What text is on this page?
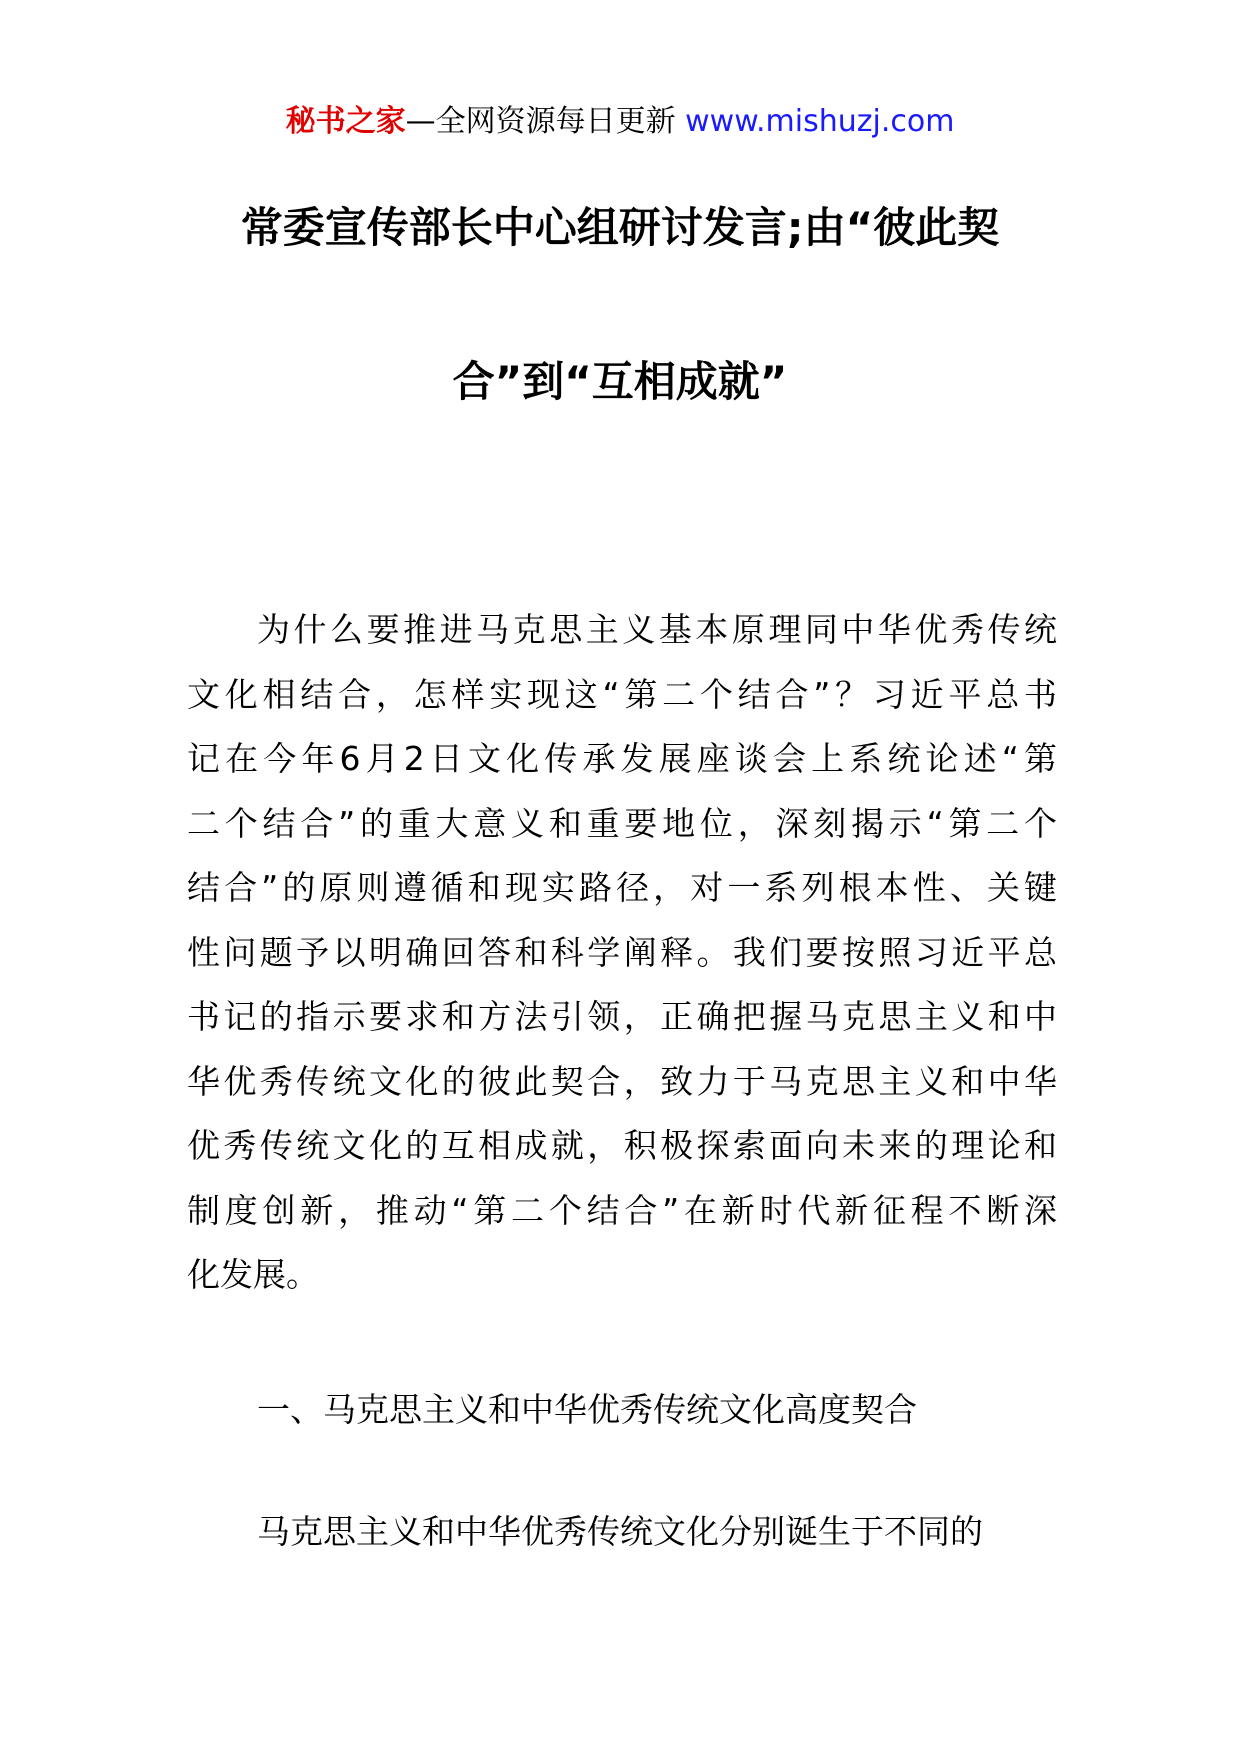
秘书之家—全网资源每日更新 www.mishuzj.com
常委宣传部长中心组研讨发言;由“彼此契
合”到“互相成就”
为什么要推进马克思主义基本原理同中华优秀传统
文化相结合，怎样实现这“第二个结合”？习近平总书
记在今年6月2日文化传承发展座谈会上系统论述“第
二个结合”的重大意义和重要地位，深刻揭示“第二个
结合”的原则遵循和现实路径，对一系列根本性、关键
性问题予以明确回答和科学阐释。我们要按照习近平总
书记的指示要求和方法引领，正确把握马克思主义和中
华优秀传统文化的彼此契合，致力于马克思主义和中华
优秀传统文化的互相成就，积极探索面向未来的理论和
制度创新，推动“第二个结合”在新时代新征程不断深
化发展。
一、马克思主义和中华优秀传统文化高度契合
马克思主义和中华优秀传统文化分别诞生于不同的
